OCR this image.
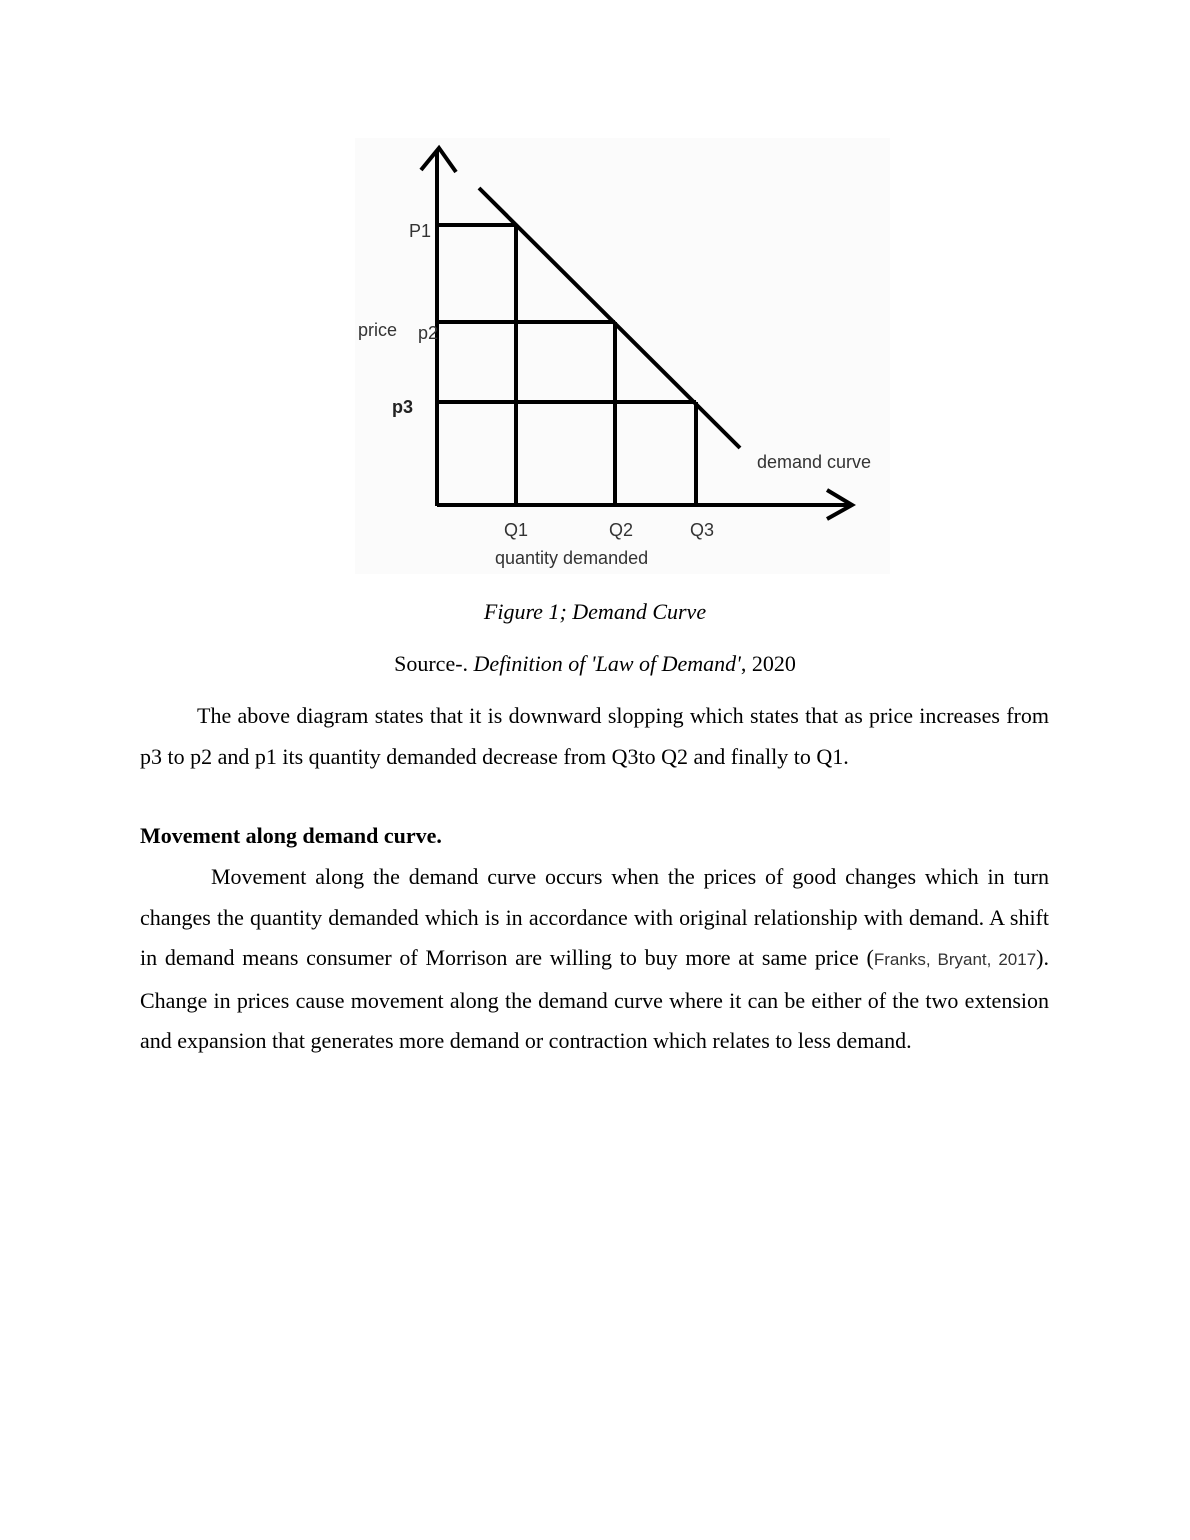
P1
price p2
p3
demand curve
Q1	Q2	Q3
quantity demanded
Figure 1; Demand Curve
Source-. Definition of 'Law of Demand', 2020

The above diagram states that it is downward slopping which states that as price increases from p3 to p2 and p1 its quantity demanded decrease from Q3to Q2 and finally to Q1.

Movement along demand curve.

Movement along the demand curve occurs when the prices of good changes which in turn changes the quantity demanded which is in accordance with original relationship with demand. A shift in demand means consumer of Morrison are willing to buy more at same price (Franks, Bryant, 2017). Change in prices cause movement along the demand curve where it can be either of the two extension and expansion that generates more demand or contraction which relates to less demand.
